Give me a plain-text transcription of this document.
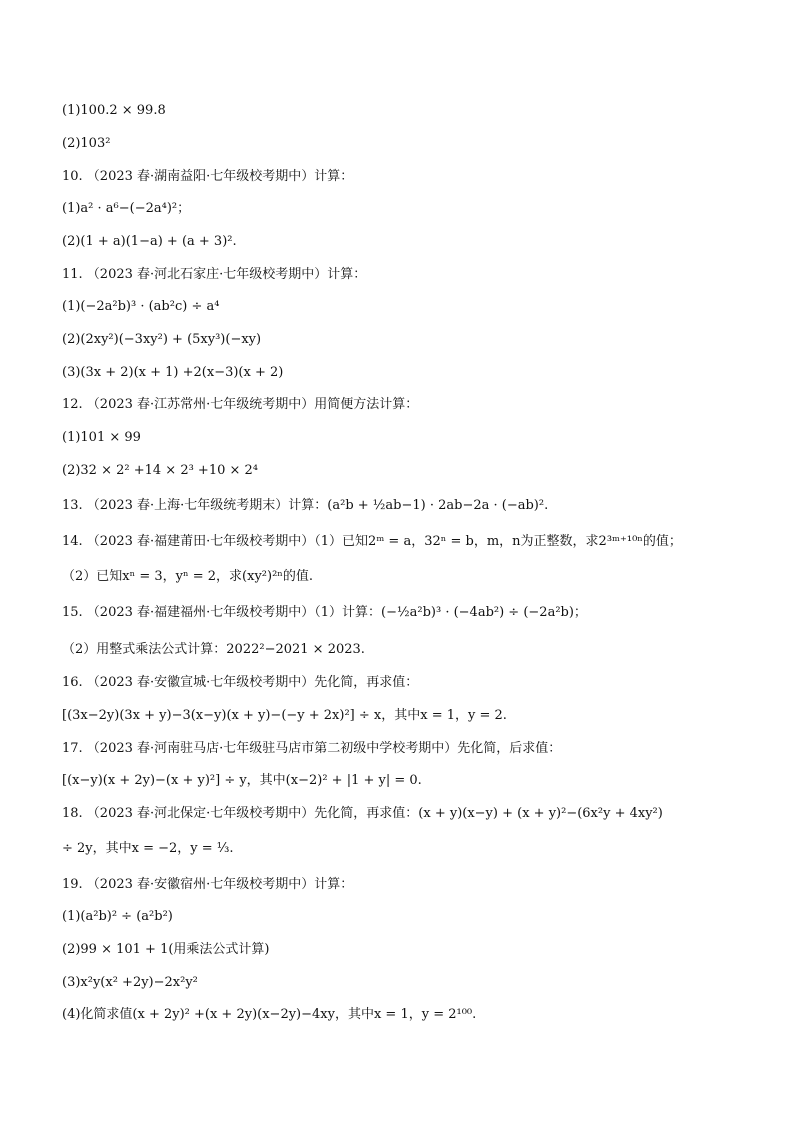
(1)100.2 × 99.8
(2)103²
10. （2023 春·湖南益阳·七年级校考期中）计算：
(1)a² · a⁶−(−2a⁴)²；
(2)(1 + a)(1−a) + (a + 3)².
11. （2023 春·河北石家庄·七年级校考期中）计算：
(1)(−2a²b)³ · (ab²c) ÷ a⁴
(2)(2xy²)(−3xy²) + (5xy³)(−xy)
(3)(3x + 2)(x + 1) +2(x−3)(x + 2)
12. （2023 春·江苏常州·七年级统考期中）用简便方法计算：
(1)101 × 99
(2)32 × 2² +14 × 2³ +10 × 2⁴
13. （2023 春·上海·七年级统考期末）计算：(a²b + ½ab−1) · 2ab−2a · (−ab)².
14. （2023 春·福建莆田·七年级校考期中）（1）已知2ᵐ = a，32ⁿ = b，m，n为正整数，求2³ᵐ⁺¹⁰ⁿ的值；
（2）已知xⁿ = 3，yⁿ = 2，求(xy²)²ⁿ的值.
15. （2023 春·福建福州·七年级校考期中）（1）计算：(−½a²b)³ · (−4ab²) ÷ (−2a²b)；
（2）用整式乘法公式计算：2022²−2021 × 2023.
16. （2023 春·安徽宣城·七年级校考期中）先化简，再求值：
[(3x−2y)(3x + y)−3(x−y)(x + y)−(−y + 2x)²] ÷ x，其中x = 1，y = 2.
17. （2023 春·河南驻马店·七年级驻马店市第二初级中学校考期中）先化简，后求值：
[(x−y)(x + 2y)−(x + y)²] ÷ y，其中(x−2)² + |1 + y| = 0.
18. （2023 春·河北保定·七年级校考期中）先化简，再求值：(x + y)(x−y) + (x + y)²−(6x²y + 4xy²)
÷ 2y，其中x = −2，y = ⅓.
19. （2023 春·安徽宿州·七年级校考期中）计算：
(1)(a²b)² ÷ (a²b²)
(2)99 × 101 + 1(用乘法公式计算)
(3)x²y(x² +2y)−2x²y²
(4)化简求值(x + 2y)² +(x + 2y)(x−2y)−4xy，其中x = 1，y = 2¹⁰⁰.
